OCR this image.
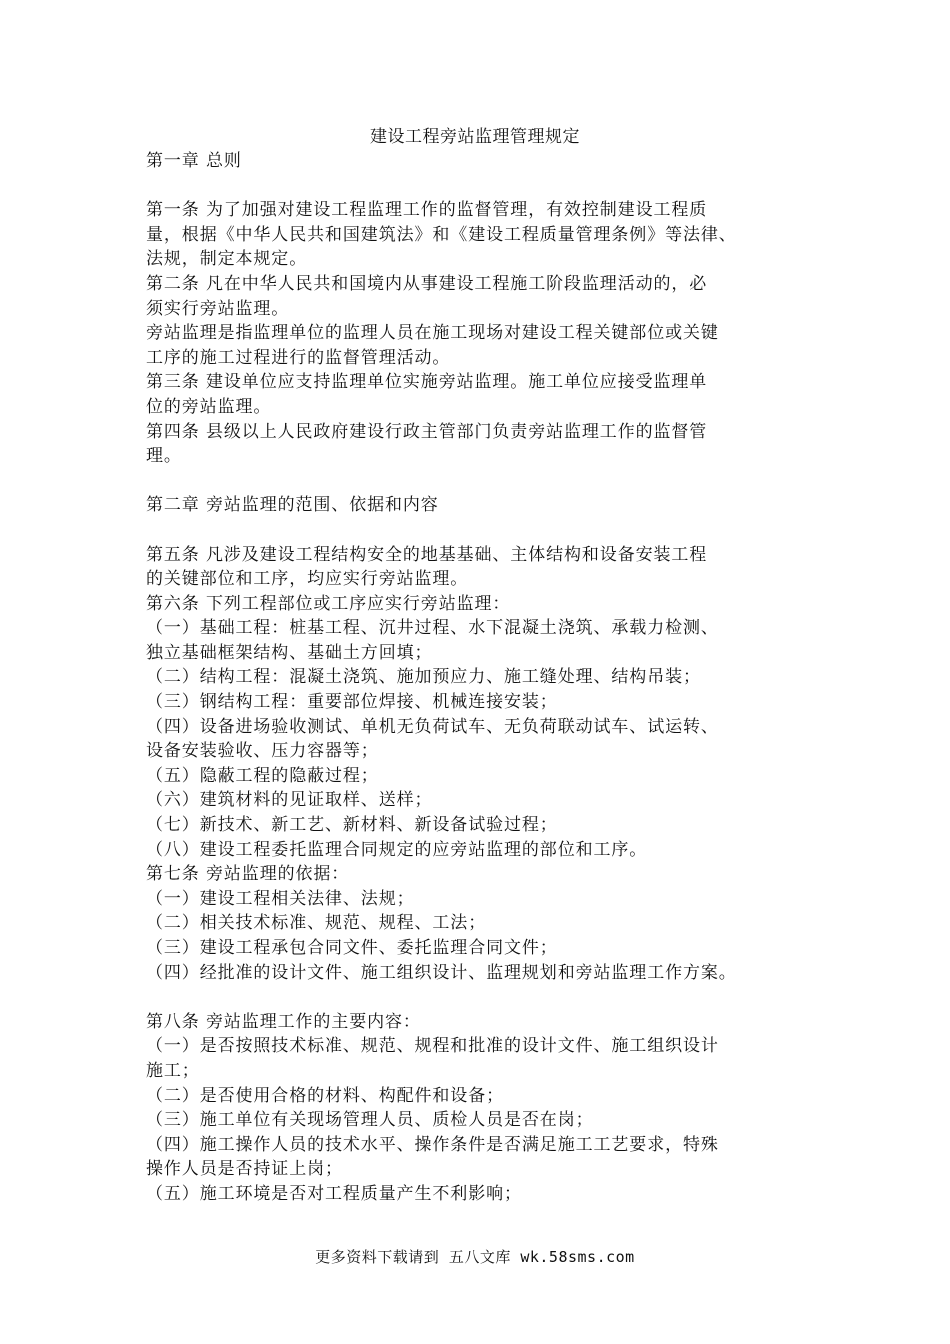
建设工程旁站监理管理规定
第一章 总则
第一条 为了加强对建设工程监理工作的监督管理，有效控制建设工程质
量，根据《中华人民共和国建筑法》和《建设工程质量管理条例》等法律、
法规，制定本规定。
第二条 凡在中华人民共和国境内从事建设工程施工阶段监理活动的，必
须实行旁站监理。
旁站监理是指监理单位的监理人员在施工现场对建设工程关键部位或关键
工序的施工过程进行的监督管理活动。
第三条 建设单位应支持监理单位实施旁站监理。施工单位应接受监理单
位的旁站监理。
第四条 县级以上人民政府建设行政主管部门负责旁站监理工作的监督管
理。
第二章 旁站监理的范围、依据和内容
第五条 凡涉及建设工程结构安全的地基基础、主体结构和设备安装工程
的关键部位和工序，均应实行旁站监理。
第六条 下列工程部位或工序应实行旁站监理：
（一）基础工程：桩基工程、沉井过程、水下混凝土浇筑、承载力检测、
独立基础框架结构、基础土方回填；
（二）结构工程：混凝土浇筑、施加预应力、施工缝处理、结构吊装；
（三）钢结构工程：重要部位焊接、机械连接安装；
（四）设备进场验收测试、单机无负荷试车、无负荷联动试车、试运转、
设备安装验收、压力容器等；
（五）隐蔽工程的隐蔽过程；
（六）建筑材料的见证取样、送样；
（七）新技术、新工艺、新材料、新设备试验过程；
（八）建设工程委托监理合同规定的应旁站监理的部位和工序。
第七条 旁站监理的依据：
（一）建设工程相关法律、法规；
（二）相关技术标准、规范、规程、工法；
（三）建设工程承包合同文件、委托监理合同文件；
（四）经批准的设计文件、施工组织设计、监理规划和旁站监理工作方案。
第八条 旁站监理工作的主要内容：
（一）是否按照技术标准、规范、规程和批准的设计文件、施工组织设计
施工；
（二）是否使用合格的材料、构配件和设备；
（三）施工单位有关现场管理人员、质检人员是否在岗；
（四）施工操作人员的技术水平、操作条件是否满足施工工艺要求，特殊
操作人员是否持证上岗；
（五）施工环境是否对工程质量产生不利影响；
更多资料下载请到 五八文库 wk.58sms.com
